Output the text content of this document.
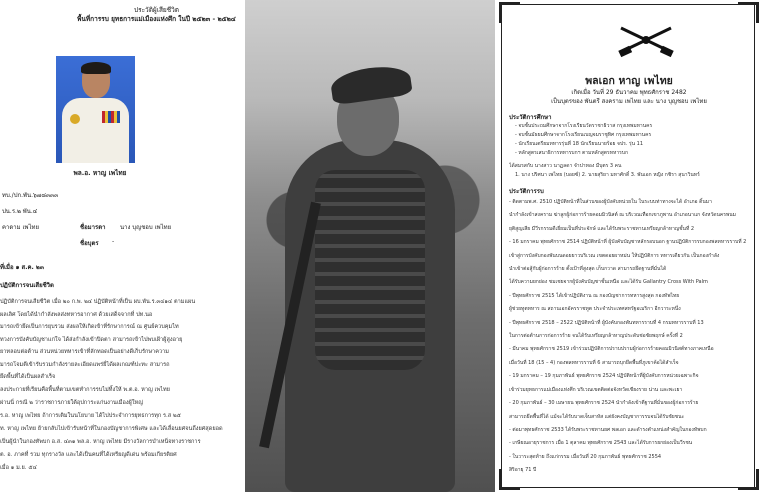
ประวัติผู้เสียชีวิต
พื้นที่การรบ ยุทธการแม่เมืองแห่งศึก ในปี ๒๕๒๓ - ๒๕๒๔
พล.อ. หาญ เพไทย
ทบ./ปก.พัน.๖๗๘๓๓๓
ปน.ร.๒ พัน.๔
คาดาม เพไทย	ชื่อมารดา นาง บุญชอบ เพไทย
ชื่อบุตร -
ที่เมื่อ ๑ ส.ค. ๒๓
ปฏิบัติการจนเสียชีวิต
ปฏิบัติการจนเสียชีวิต เมื่อ ๒๐ ก.พ. ๒๔ ปฏิบัติหน้าที่เป็น ผบ.พัน.ร.๓๔๑๔ ตามแผน
ผลเลิศ โดยได้นำกำลังพลส่งทหารอากาศ ด้วยเสด็จจากที่ ปท.นอ
มารถเข้ายึดเป็นการยุบรวม ส่งผลให้เกิดเข้าที่รักษาการณ์ ณ ศูนย์ควบคุมไท
ทวงการบังคับบัญชาแก่ใจ ได้ส่งกำลังเข้าปิดตา สามารถเข้าไปพบเฝ้าผู้สูงอายุ
ยาทลอบต่อต้าน ส่วนหน่วยทหารเข้าที่ลักทอดเป็นอย่างดีเก็บรักษาความ
มารถโจมตีเข้ารับรวมกำลังรายละเอียดแพร่ยี่ได้ผลเกณฑ์ปะทะ สามารถ
ยึดพื้นที่ได้เป็นผลสำเร็จ
ลงประกายที่เรียนคือพื้นที่ตามเขตทำการรบไม่ทิ้งให้ พ.ต.อ. หาญ เพไทย
ผ่านนี่ กรณี ๒ ว่าราชการภายใต้อุปการะแก่นงานเมืองผู้ใหญ่
ร.อ. หาญ เพไทย ถ้าการเติมในนโยบาย ได้ไปประจำการยุทธการทุก ร.ส ๒๕
ท. หาญ เพไทย ย้ายกลับไปเข้ารับหน้าที่ในกองบัญชาการพิเศษ และได้เลื่อนยศจนถึงยศสุดยอด
เป็นผู้นำในกองทัพบก อ.ส. ๔๓๑ พล.อ. หาญ เพไทย มีรางวัลการบำเหน็จทางราชการ
ต. อ. ภาคที่ รวม ทุกรางวัล และได้เป็นคนที่ได้เหรียญดีเด่น พร้อมเกียรติยศ
เมื่อ ๑ ม.ย. ๕๔
พลเอก หาญ เพไทย
เกิดเมื่อ วันที่ 29 ธันวาคม พุทธศักราช 2482
เป็นบุตรของ พันตรี สงคราม เพไทย และ นาง บุญชอบ เพไทย
ประวัติการศึกษา
- จบชั้นประถมศึกษาจากโรงเรียนวัดราชาธิวาส กรุงเทพมหานคร
- จบชั้นมัธยมศึกษาจากโรงเรียนเบญจมราชูทิศ กรุงเทพมหานคร
- นักเรียนเตรียมทหารรุ่นที่ 18 นักเรียนนายร้อย จปร. รุ่น 11
- หลักสูตรเสนาธิการทหารบกฯ ตามหลักสูตรทหารบก
ได้สมรสกับ นางสาว นาฏลดา จำปาทอง มีบุตร 3 คน
1. นาง ปริศนา เพไทย (บอยซ์) 2. นายสุริยา มหาศักดิ์ 3. พันเอก หญิง กชิรา สุนาวินทร์
ประวัติการรบ
- ติดตามพ.ศ. 2510 ปฏิบัติหน้าที่ในส่วนของผู้บังคับหน่วยใน ในระบบท่าทางจะได้ อำเภอ ดิ้นมา
นำกำลังเข้าสงคราม ฆ่าลูกผู้ก่อการร้ายคอมมิวนิสต์ ณ บริเวณเทือกเขาภูพาน อำเภอนาแก จังหวัดนครพนม
ยุติสูญเสีย มีวีรกรรมดีเยี่ยมเป็นที่ประจักษ์ และได้รับพระราชทานเหรียญกล้าหาญชั้นที่ 2
- 16 มกราคม พุทธศักราช 2514 ปฏิบัติหน้าที่ ผู้บังคับบัญชาหลักรอบนอก ฐานปฏิบัติการรบกองพลทหารราบที่ 2
เข้าสู่การบังคับกองพันบนดอยยาวบริเวณ เขตดอยผาหม่น ให้ปฏิบัติการ ทหารเดียวกัน เป็นกองกำลัง
นำเข้าต่อสู้กับผู้ก่อการร้าย ตั้งเป้าที่สูงสุด เก็บกวาด สามารถยึดฐานที่มั่นได้
ได้รับความยกย่อง ชมเชยจากผู้บังคับบัญชาชั้นเหนือ และได้รับ Gallantry Cross With Palm
- ปีพุทธศักราช 2515 ได้เข้าปฏิบัติงาน ณ กองบัญชาการทหารสูงสุด กองทัพไทย
ผู้ช่วยทูตทหาร ณ สถานเอกอัครราชทูต ประจำประเทศสหรัฐอเมริกา อีกวาระหนึ่ง
- ปีพุทธศักราช 2518 – 2522 ปฏิบัติหน้าที่ ผู้บังคับกองพันทหารราบที่ 4 กรมทหารราบที่ 13
ในการต่อต้านการก่อการร้าย จนได้รับเหรียญกล้าหาญประดับช่อชัยพฤกษ์ ครั้งที่ 2
- มีนาคม พุทธศักราช 2519 เข้าร่วมปฏิบัติการปราบปรามผู้ก่อการร้ายคอมมิวนิสต์ทางภาคเหนือ
เมื่อวันที่ 18 (15 – 4) กองพลทหารราบที่ 6 สามารถบุกยึดพื้นที่ภูเขาค้อได้สำเร็จ
- 19 มกราคม – 19 กุมภาพันธ์ พุทธศักราช 2524 ปฏิบัติหน้าที่ผู้บังคับการหน่วยเฉพาะกิจ
เข้าร่วมยุทธการแม่เมืองแห่งศึก บริเวณเขตติดต่อจังหวัดเชียงราย น่าน และพะเยา
- 20 กุมภาพันธ์ – 30 เมษายน พุทธศักราช 2524 นำกำลังเข้าตีฐานที่มั่นของผู้ก่อการร้าย
สามารถยึดพื้นที่ได้ แม้จะได้รับบาดเจ็บสาหัส แต่ยังคงบัญชาการรบจนได้รับชัยชนะ
- ต่อมาพุทธศักราช 2533 ได้รับพระราชทานยศ พลเอก และดำรงตำแหน่งสำคัญในกองทัพบก
- เกษียณอายุราชการ เมื่อ 1 ตุลาคม พุทธศักราช 2543 และได้รับการยกย่องเป็นวีรชน
- ในวาระสุดท้าย ถึงแก่กรรม เมื่อวันที่ 20 กุมภาพันธ์ พุทธศักราช 2554
สิริอายุ 71 ปี
